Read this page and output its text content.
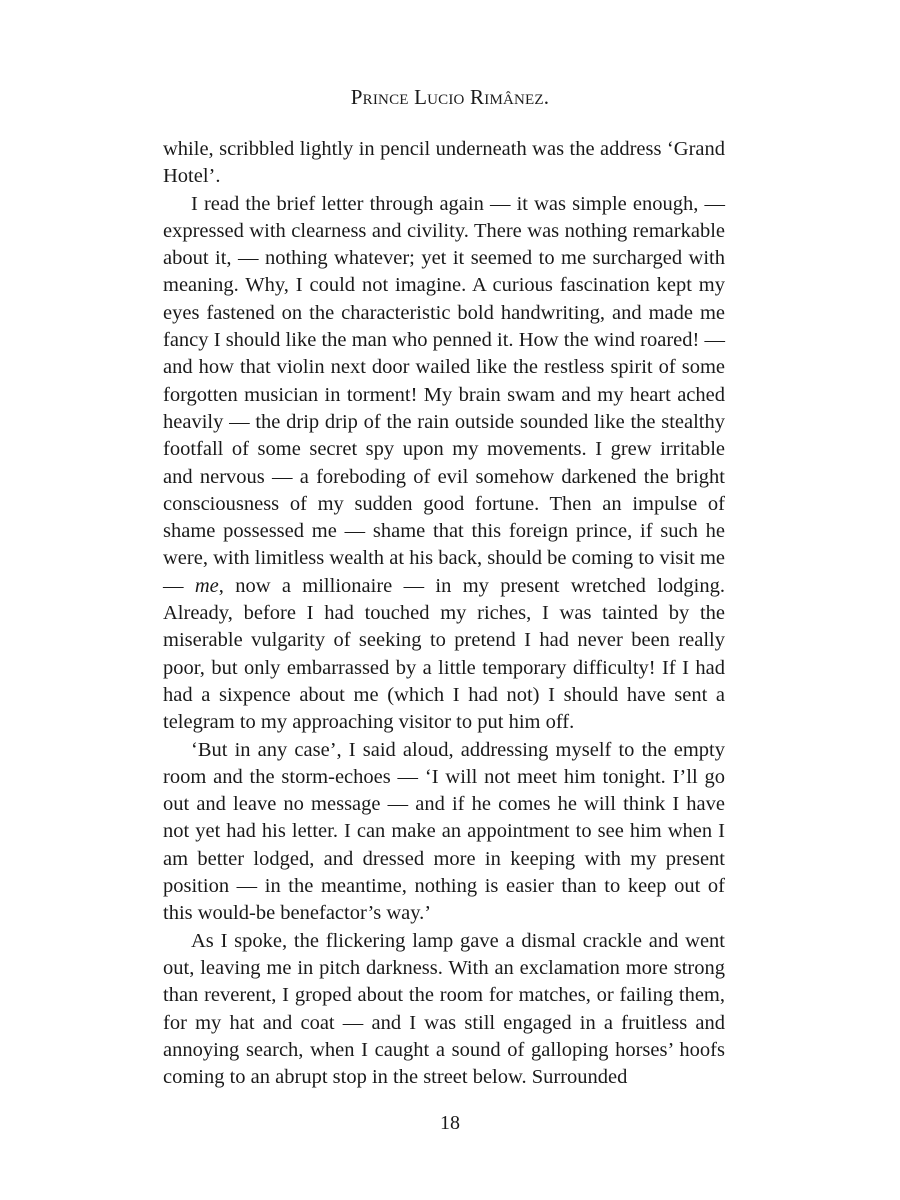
Prince Lucio Rimânez.

while, scribbled lightly in pencil underneath was the address ‘Grand Hotel’.

I read the brief letter through again — it was simple enough, — expressed with clearness and civility. There was nothing remarkable about it, — nothing whatever; yet it seemed to me surcharged with meaning. Why, I could not imagine. A curious fascination kept my eyes fastened on the characteristic bold handwriting, and made me fancy I should like the man who penned it. How the wind roared! — and how that violin next door wailed like the restless spirit of some forgotten musician in torment! My brain swam and my heart ached heavily — the drip drip of the rain outside sounded like the stealthy footfall of some secret spy upon my movements. I grew irritable and nervous — a foreboding of evil somehow darkened the bright consciousness of my sudden good fortune. Then an impulse of shame possessed me — shame that this foreign prince, if such he were, with limitless wealth at his back, should be coming to visit me — me, now a millionaire — in my present wretched lodging. Already, before I had touched my riches, I was tainted by the miserable vulgarity of seeking to pretend I had never been really poor, but only embarrassed by a little temporary difficulty! If I had had a sixpence about me (which I had not) I should have sent a telegram to my approaching visitor to put him off.

‘But in any case’, I said aloud, addressing myself to the empty room and the storm-echoes — ‘I will not meet him tonight. I’ll go out and leave no message — and if he comes he will think I have not yet had his letter. I can make an appointment to see him when I am better lodged, and dressed more in keeping with my present position — in the meantime, nothing is easier than to keep out of this would-be benefactor’s way.’

As I spoke, the flickering lamp gave a dismal crackle and went out, leaving me in pitch darkness. With an exclamation more strong than reverent, I groped about the room for matches, or failing them, for my hat and coat — and I was still engaged in a fruitless and annoying search, when I caught a sound of galloping horses’ hoofs coming to an abrupt stop in the street below. Surrounded

18
